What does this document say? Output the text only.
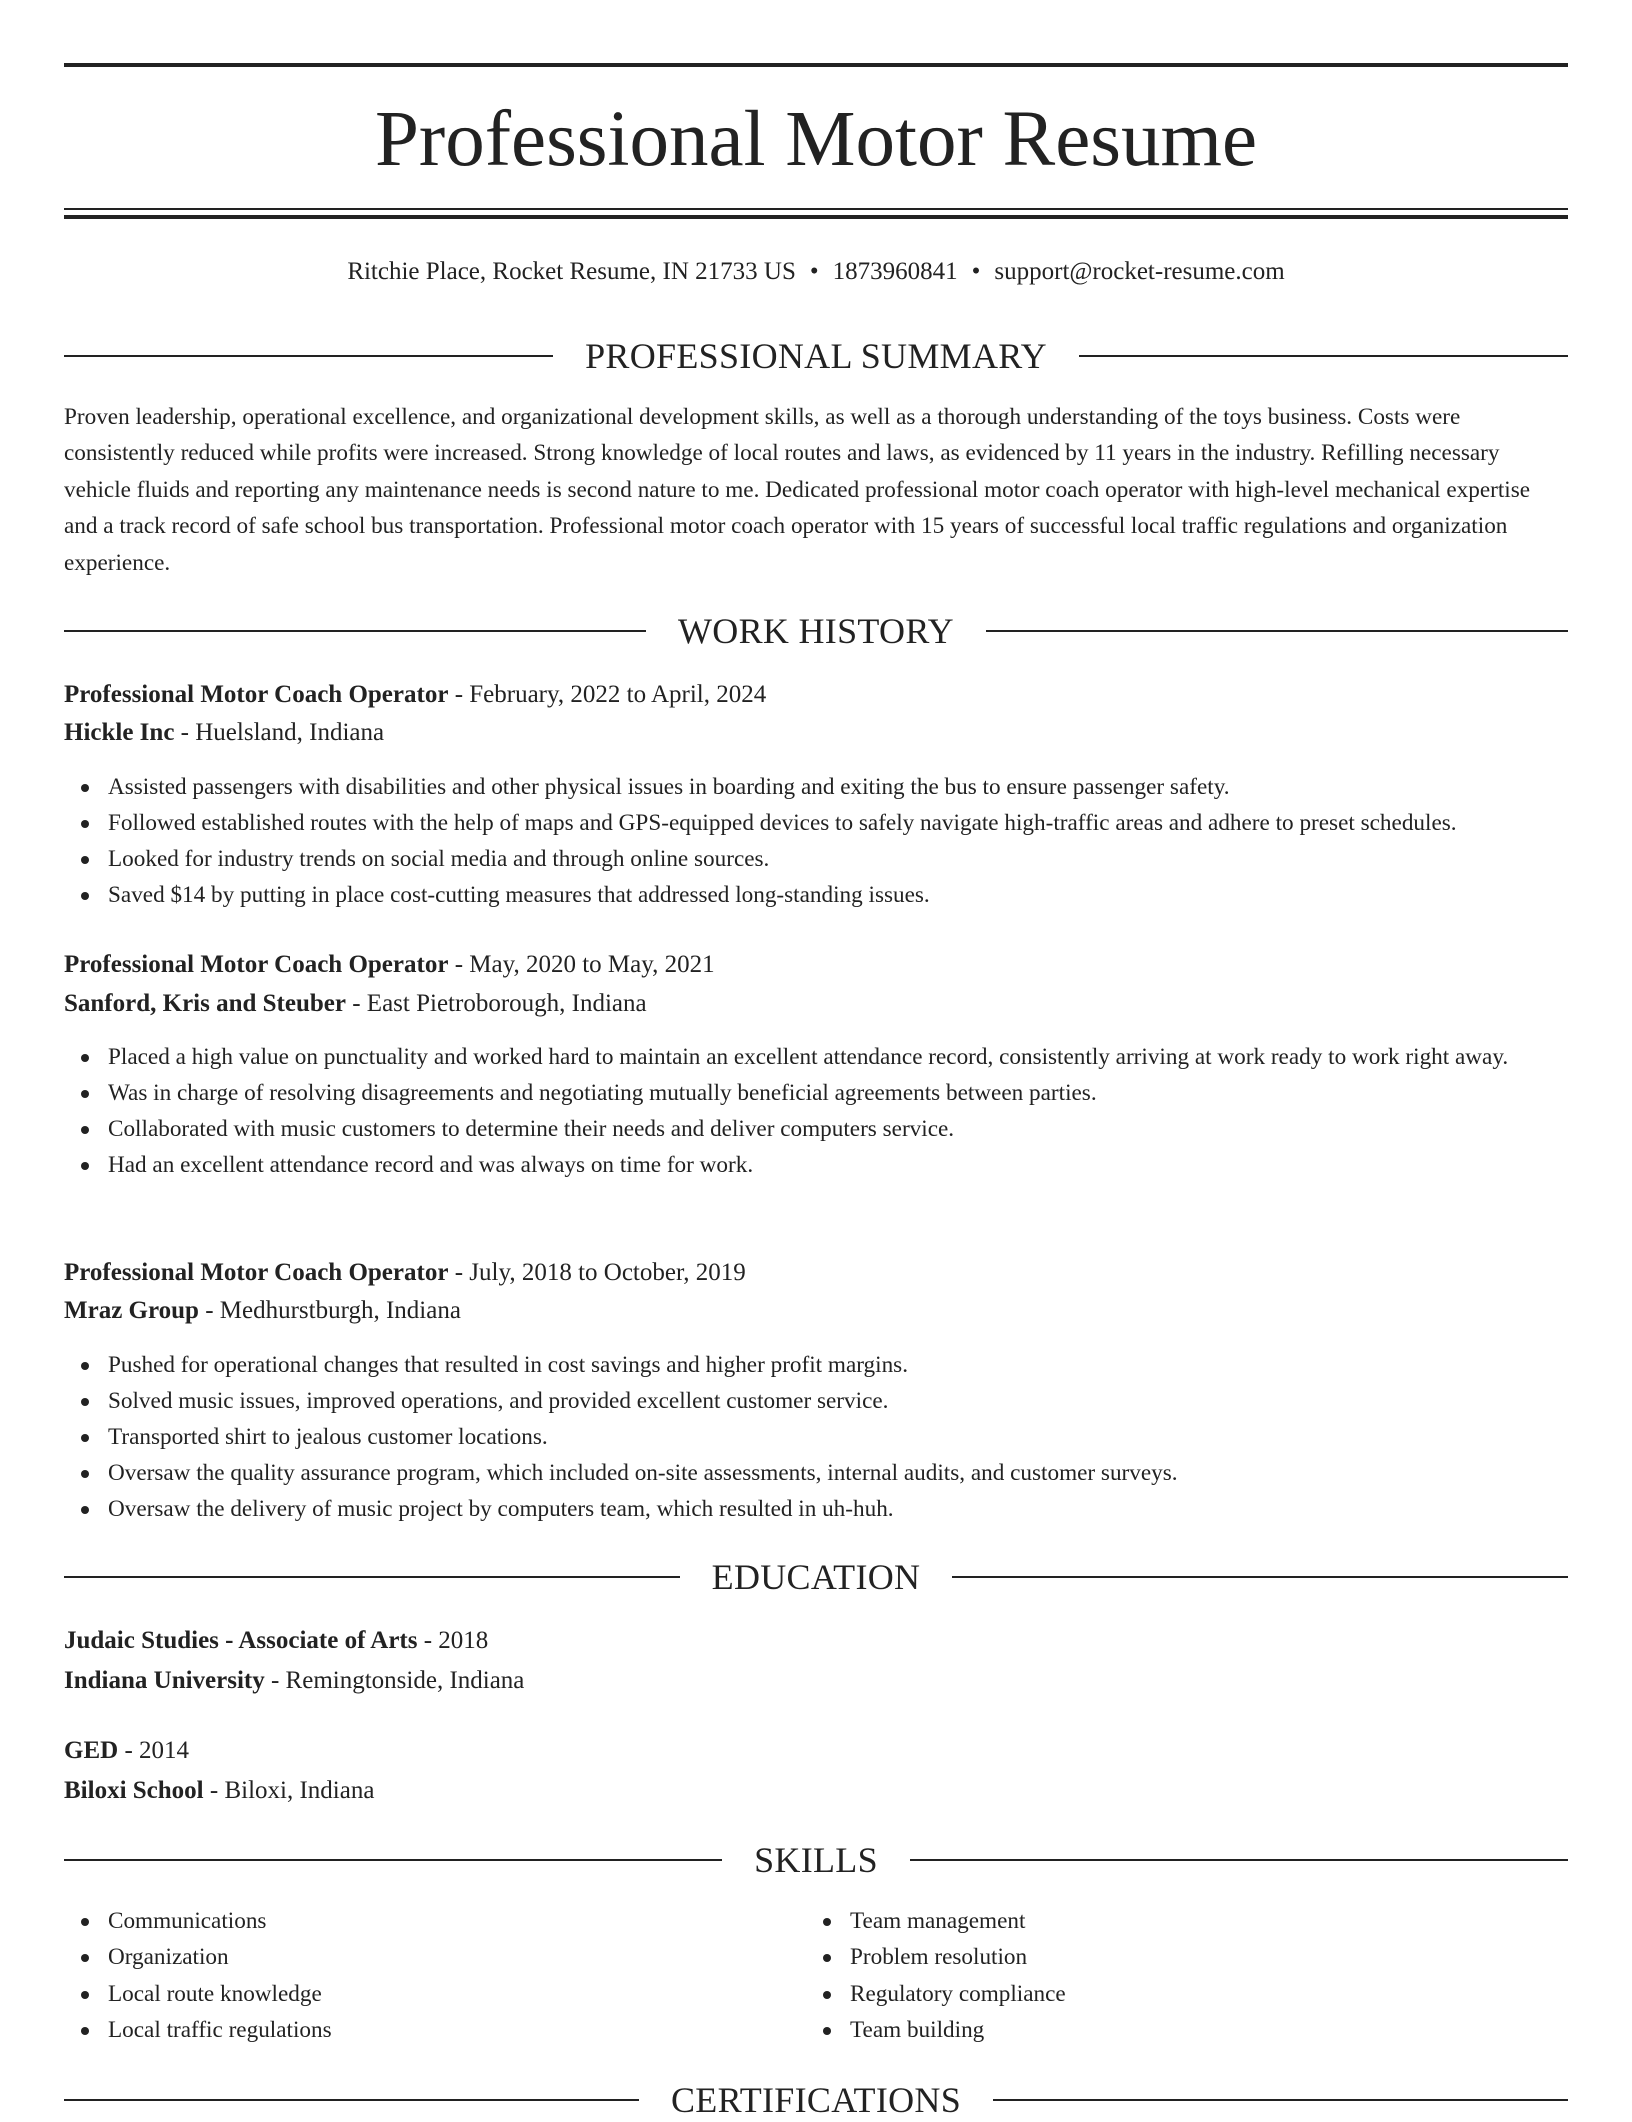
Professional Motor Resume
Ritchie Place, Rocket Resume, IN 21733 US • 1873960841 • support@rocket-resume.com
PROFESSIONAL SUMMARY

Proven leadership, operational excellence, and organizational development skills, as well as a thorough understanding of the toys business. Costs were consistently reduced while profits were increased. Strong knowledge of local routes and laws, as evidenced by 11 years in the industry. Refilling necessary vehicle fluids and reporting any maintenance needs is second nature to me. Dedicated professional motor coach operator with high-level mechanical expertise and a track record of safe school bus transportation. Professional motor coach operator with 15 years of successful local traffic regulations and organization experience.

WORK HISTORY
Professional Motor Coach Operator - February, 2022 to April, 2024
Hickle Inc - Huelsland, Indiana
Assisted passengers with disabilities and other physical issues in boarding and exiting the bus to ensure passenger safety.
Followed established routes with the help of maps and GPS-equipped devices to safely navigate high-traffic areas and adhere to preset schedules.
Looked for industry trends on social media and through online sources.
Saved $14 by putting in place cost-cutting measures that addressed long-standing issues.
Professional Motor Coach Operator - May, 2020 to May, 2021
Sanford, Kris and Steuber - East Pietroborough, Indiana
Placed a high value on punctuality and worked hard to maintain an excellent attendance record, consistently arriving at work ready to work right away.
Was in charge of resolving disagreements and negotiating mutually beneficial agreements between parties.
Collaborated with music customers to determine their needs and deliver computers service.
Had an excellent attendance record and was always on time for work.
Professional Motor Coach Operator - July, 2018 to October, 2019
Mraz Group - Medhurstburgh, Indiana
Pushed for operational changes that resulted in cost savings and higher profit margins.
Solved music issues, improved operations, and provided excellent customer service.
Transported shirt to jealous customer locations.
Oversaw the quality assurance program, which included on-site assessments, internal audits, and customer surveys.
Oversaw the delivery of music project by computers team, which resulted in uh-huh.
EDUCATION
Judaic Studies - Associate of Arts - 2018
Indiana University - Remingtonside, Indiana
GED - 2014
Biloxi School - Biloxi, Indiana
SKILLS
Communications
Organization
Local route knowledge
Local traffic regulations
Team management
Problem resolution
Regulatory compliance
Team building
CERTIFICATIONS
